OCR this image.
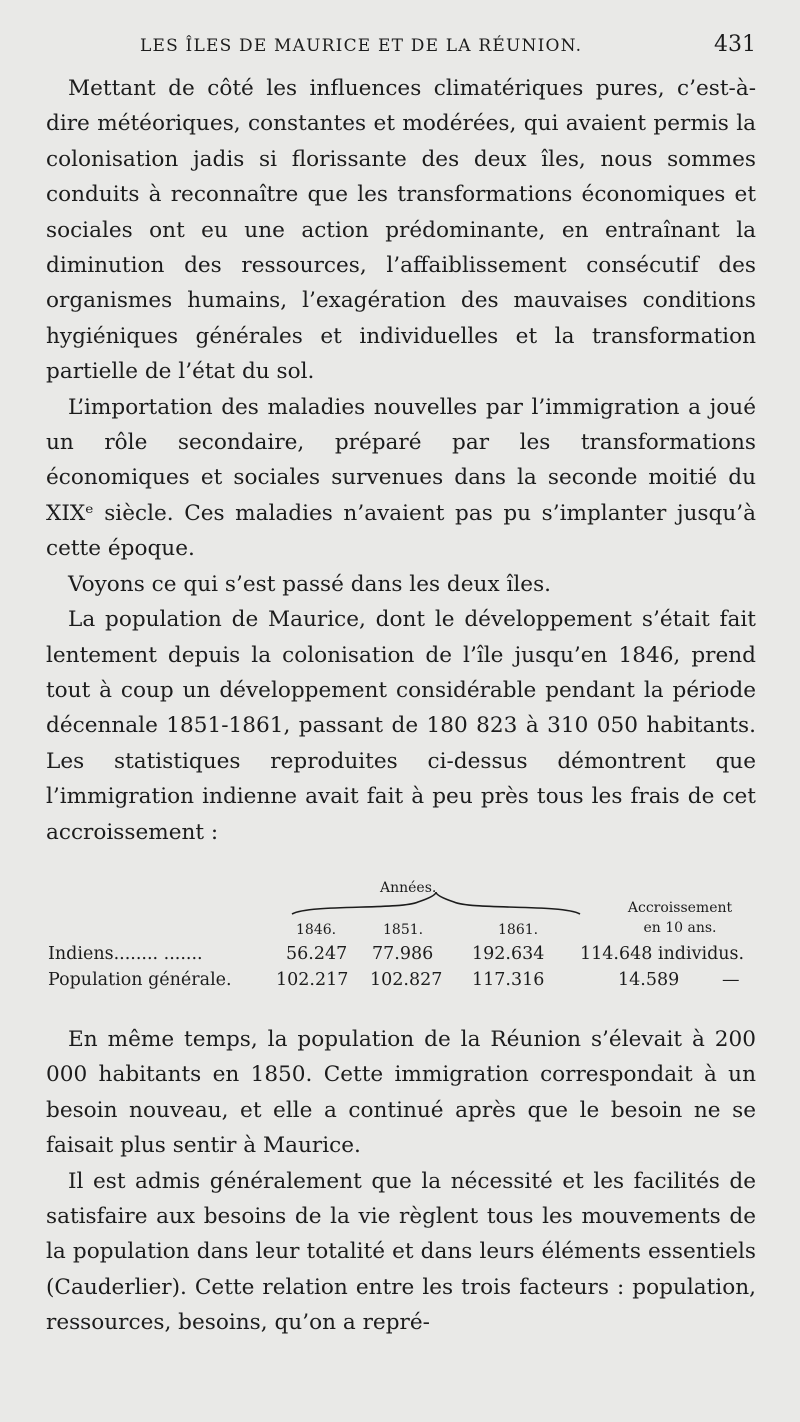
LES ÎLES DE MAURICE ET DE LA RÉUNION.	431

Mettant de côté les influences climatériques pures, c’est-à-dire météoriques, constantes et modérées, qui avaient permis la colonisation jadis si florissante des deux îles, nous sommes conduits à reconnaître que les transformations économiques et sociales ont eu une action prédominante, en entraînant la diminution des ressources, l’affaiblissement consécutif des organismes humains, l’exagération des mauvaises conditions hygiéniques générales et individuelles et la transformation partielle de l’état du sol.

L’importation des maladies nouvelles par l’immigration a joué un rôle secondaire, préparé par les transformations économiques et sociales survenues dans la seconde moitié du XIXᵉ siècle. Ces maladies n’avaient pas pu s’implanter jusqu’à cette époque.

Voyons ce qui s’est passé dans les deux îles.

La population de Maurice, dont le développement s’était fait lentement depuis la colonisation de l’île jusqu’en 1846, prend tout à coup un développement considérable pendant la période décennale 1851-1861, passant de 180 823 à 310 050 habitants. Les statistiques reproduites ci-dessus démontrent que l’immigration indienne avait fait à peu près tous les frais de cet accroissement :

Années.
Accroissement
en 10 ans.
1846.	1851.	1861.
Indiens........ .......	56.247 77.986 192.634 114.648 individus.
Population générale.	102.217 102.827 117.316	14.589 —

En même temps, la population de la Réunion s’élevait à 200 000 habitants en 1850. Cette immigration correspondait à un besoin nouveau, et elle a continué après que le besoin ne se faisait plus sentir à Maurice.

Il est admis généralement que la nécessité et les facilités de satisfaire aux besoins de la vie règlent tous les mouvements de la population dans leur totalité et dans leurs éléments essentiels (Cauderlier). Cette relation entre les trois facteurs : population, ressources, besoins, qu’on a repré-
